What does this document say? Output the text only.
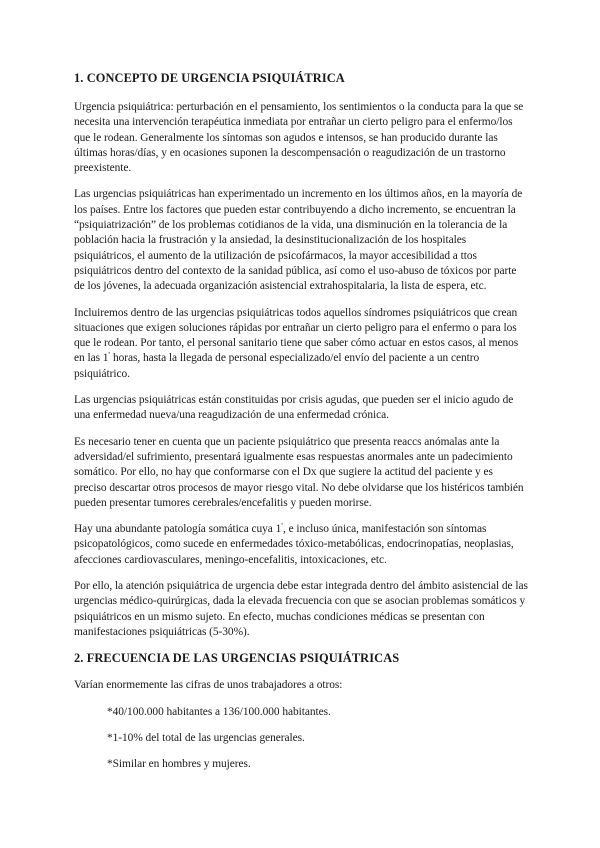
1. CONCEPTO DE URGENCIA PSIQUIÁTRICA

Urgencia psiquiátrica: perturbación en el pensamiento, los sentimientos o la conducta para la que se necesita una intervención terapéutica inmediata por entrañar un cierto peligro para el enfermo/los que le rodean. Generalmente los síntomas son agudos e intensos, se han producido durante las últimas horas/días, y en ocasiones suponen la descompensación o reagudización de un trastorno preexistente.

Las urgencias psiquiátricas han experimentado un incremento en los últimos años, en la mayoría de los países. Entre los factores que pueden estar contribuyendo a dicho incremento, se encuentran la “psiquiatrización” de los problemas cotidianos de la vida, una disminución en la tolerancia de la población hacia la frustración y la ansiedad, la desinstitucionalización de los hospitales psiquiátricos, el aumento de la utilización de psicofármacos, la mayor accesibilidad a ttos psiquiátricos dentro del contexto de la sanidad pública, así como el uso-abuso de tóxicos por parte de los jóvenes, la adecuada organización asistencial extrahospitalaria, la lista de espera, etc.

Incluiremos dentro de las urgencias psiquiátricas todos aquellos síndromes psiquiátricos que crean situaciones que exigen soluciones rápidas por entrañar un cierto peligro para el enfermo o para los que le rodean. Por tanto, el personal sanitario tiene que saber cómo actuar en estos casos, al menos en las $1^ª$ horas, hasta la llegada de personal especializado/el envío del paciente a un centro psiquiátrico.

Las urgencias psiquiátricas están constituidas por crisis agudas, que pueden ser el inicio agudo de una enfermedad nueva/una reagudización de una enfermedad crónica.

Es necesario tener en cuenta que un paciente psiquiátrico que presenta reaccs anómalas ante la adversidad/el sufrimiento, presentará igualmente esas respuestas anormales ante un padecimiento somático. Por ello, no hay que conformarse con el Dx que sugiere la actitud del paciente y es preciso descartar otros procesos de mayor riesgo vital. No debe olvidarse que los histéricos también pueden presentar tumores cerebrales/encefalitis y pueden morirse.

Hay una abundante patología somática cuya $1^ª$, e incluso única, manifestación son síntomas psicopatológicos, como sucede en enfermedades tóxico-metabólicas, endocrinopatías, neoplasias, afecciones cardiovasculares, meningo-encefalitis, intoxicaciones, etc.

Por ello, la atención psiquiátrica de urgencia debe estar integrada dentro del ámbito asistencial de las urgencias médico-quirúrgicas, dada la elevada frecuencia con que se asocian problemas somáticos y psiquiátricos en un mismo sujeto. En efecto, muchas condiciones médicas se presentan con manifestaciones psiquiátricas (5-30%).

2. FRECUENCIA DE LAS URGENCIAS PSIQUIÁTRICAS

Varían enormemente las cifras de unos trabajadores a otros:

*40/100.000 habitantes a 136/100.000 habitantes.

*1-10% del total de las urgencias generales.

*Similar en hombres y mujeres.
